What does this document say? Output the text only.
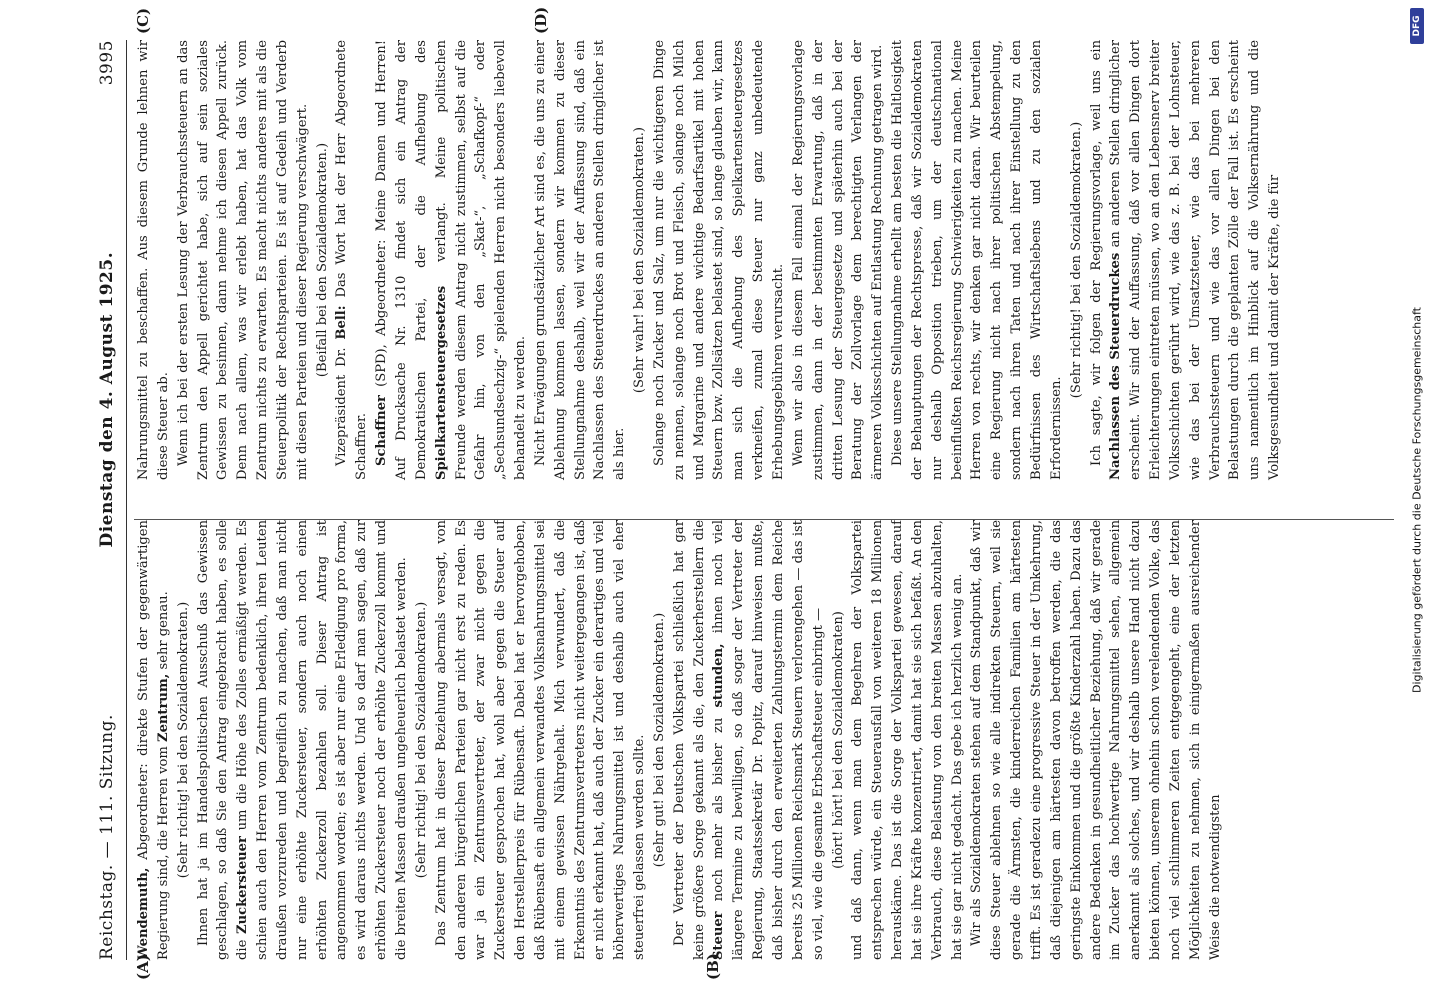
Reichstag. — 111. Sitzung.
Dienstag den 4. August 1925.
3995
(A)	(B)
(C)	(D)

Wendemuth, Abgeordneter: direkte Stufen der gegenwärtigen Regierung sind, die Herren vom Zentrum, sehr genau. (Sehr richtig! bei den Sozialdemokraten.) Ihnen hat ja im Handelspolitischen Ausschuß das Gewissen geschlagen, so daß Sie den Antrag eingebracht haben, es solle die Zuckersteuer um die Höhe des Zolles ermäßigt werden. Es schien auch den Herren vom Zentrum bedenklich, ihren Leuten draußen vorzureden und begreiflich zu machen, daß man nicht nur eine erhöhte Zuckersteuer, sondern auch noch einen erhöhten Zuckerzoll bezahlen soll. Dieser Antrag ist angenommen worden; es ist aber nur eine Erledigung pro forma, es wird daraus nichts werden. Und so darf man sagen, daß zur erhöhten Zuckersteuer noch der erhöhte Zuckerzoll kommt und die breiten Massen draußen ungeheuerlich belastet werden. (Sehr richtig! bei den Sozialdemokraten.) Das Zentrum hat in dieser Beziehung abermals versagt, von den anderen bürgerlichen Parteien gar nicht erst zu reden. Es war ja ein Zentrumsvertreter, der zwar nicht gegen die Zuckersteuer gesprochen hat, wohl aber gegen die Steuer auf den Herstellerpreis für Rübensaft. Dabei hat er hervorgehoben, daß Rübensaft ein allgemein verwandtes Volksnahrungsmittel sei mit einem gewissen Nährgehalt. Mich verwundert, daß die Erkenntnis des Zentrumsvertreters nicht weitergegangen ist, daß er nicht erkannt hat, daß auch der Zucker ein derartiges und viel höherwertiges Nahrungsmittel ist und deshalb auch viel eher steuerfrei gelassen werden sollte. (Sehr gut! bei den Sozialdemokraten.) Der Vertreter der Deutschen Volkspartei schließlich hat gar keine größere Sorge gekannt als die, den Zuckerherstellern die Steuer noch mehr als bisher zu stunden, ihnen noch viel längere Termine zu bewilligen, so daß sogar der Vertreter der Regierung, Staatssekretär Dr. Popitz, darauf hinweisen mußte, daß bisher durch den erweiterten Zahlungstermin dem Reiche bereits 25 Millionen Reichsmark Steuern verlorengehen — das ist so viel, wie die gesamte Erbschaftsteuer einbringt — (hört! hört! bei den Sozialdemokraten) und daß dann, wenn man dem Begehren der Volkspartei entsprechen würde, ein Steuerausfall von weiteren 18 Millionen herauskäme. Das ist die Sorge der Volkspartei gewesen, darauf hat sie ihre Kräfte konzentriert, damit hat sie sich befaßt. An den Verbrauch, diese Belastung von den breiten Massen abzuhalten, hat sie gar nicht gedacht. Das gebe ich herzlich wenig an. Wir als Sozialdemokraten stehen auf dem Standpunkt, daß wir diese Steuer ablehnen so wie alle indirekten Steuern, weil sie gerade die Ärmsten, die kinderreichen Familien am härtesten trifft. Es ist geradezu eine progressive Steuer in der Umkehrung, daß diejenigen am härtesten davon betroffen werden, die das geringste Einkommen und die größte Kinderzahl haben. Dazu das andere Bedenken in gesundheitlicher Beziehung, daß wir gerade im Zucker das hochwertige Nahrungsmittel sehen, allgemein anerkannt als solches, und wir deshalb unsere Hand nicht dazu bieten können, unserem ohnehin schon verelendenden Volke, das noch viel schlimmeren Zeiten entgegengeht, eine der letzten Möglichkeiten zu nehmen, sich in einigermaßen ausreichender Weise die notwendigsten

Nahrungsmittel zu beschaffen. Aus diesem Grunde lehnen wir diese Steuer ab. Wenn ich bei der ersten Lesung der Verbrauchssteuern an das Zentrum den Appell gerichtet habe, sich auf sein soziales Gewissen zu besinnen, dann nehme ich diesen Appell zurück. Denn nach allem, was wir erlebt haben, hat das Volk vom Zentrum nichts zu erwarten. Es macht nichts anderes mit als die Steuerpolitik der Rechtsparteien. Es ist auf Gedeih und Verderb mit diesen Parteien und dieser Regierung verschwägert. (Beifall bei den Sozialdemokraten.)

Vizepräsident Dr. Bell: Das Wort hat der Herr Abgeordnete Schaffner. Schaffner (SPD), Abgeordneter: Meine Damen und Herren! Auf Drucksache Nr. 1310 findet sich ein Antrag der Demokratischen Partei, der die Aufhebung des Spielkartensteuergesetzes verlangt. Meine politischen Freunde werden diesem Antrag nicht zustimmen, selbst auf die Gefahr hin, von den „Skat-“, „Schafkopf-“ oder „Sechsundsechzig-“ spielenden Herren nicht besonders liebevoll behandelt zu werden. Nicht Erwägungen grundsätzlicher Art sind es, die uns zu einer Ablehnung kommen lassen, sondern wir kommen zu dieser Stellungnahme deshalb, weil wir der Auffassung sind, daß ein Nachlassen des Steuerdruckes an anderen Stellen dringlicher ist als hier.

(Sehr wahr! bei den Sozialdemokraten.) Solange noch Zucker und Salz, um nur die wichtigeren Dinge zu nennen, solange noch Brot und Fleisch, solange noch Milch und Margarine und andere wichtige Bedarfsartikel mit hohen Steuern bzw. Zollsätzen belastet sind, so lange glauben wir, kann man sich die Aufhebung des Spielkartensteuergesetzes verkneifen, zumal diese Steuer nur ganz unbedeutende Erhebungsgebühren verursacht. Wenn wir also in diesem Fall einmal der Regierungsvorlage zustimmen, dann in der bestimmten Erwartung, daß in der dritten Lesung der Steuergesetze und späterhin auch bei der Beratung der Zollvorlage dem berechtigten Verlangen der ärmeren Volksschichten auf Entlastung Rechnung getragen wird. Diese unsere Stellungnahme erhellt am besten die Haltlosigkeit der Behauptungen der Rechtspresse, daß wir Sozialdemokraten nur deshalb Opposition trieben, um der deutschnational beeinflußten Reichsregierung Schwierigkeiten zu machen. Meine Herren von rechts, wir denken gar nicht daran. Wir beurteilen eine Regierung nicht nach ihrer politischen Abstempelung, sondern nach ihren Taten und nach ihrer Einstellung zu den Bedürfnissen des Wirtschaftslebens und zu den sozialen Erfordernissen.

(Sehr richtig! bei den Sozialdemokraten.) Ich sagte, wir folgen der Regierungsvorlage, weil uns ein Nachlassen des Steuerdruckes an anderen Stellen dringlicher erscheint. Wir sind der Auffassung, daß vor allen Dingen dort Erleichterungen eintreten müssen, wo an den Lebensnerv breiter Volksschichten gerührt wird, wie das z. B. bei der Lohnsteuer, wie das bei der Umsatzsteuer, wie das bei mehreren Verbrauchssteuern und wie das vor allen Dingen bei den Belastungen durch die geplanten Zölle der Fall ist. Es erscheint uns namentlich im Hinblick auf die Volksernährung und die Volksgesundheit und damit der Kräfte, die für

DFG
Digitalisierung gefördert durch die Deutsche Forschungsgemeinschaft
